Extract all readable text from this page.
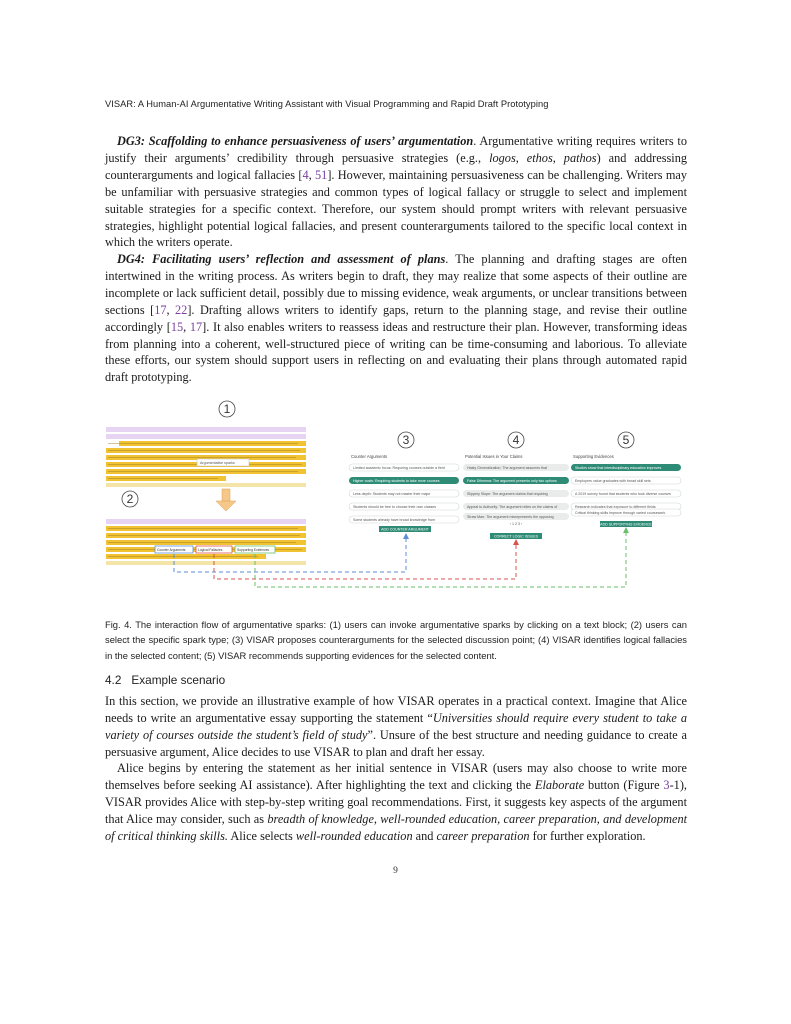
VISAR: A Human-AI Argumentative Writing Assistant with Visual Programming and Rapid Draft Prototyping

DG3: Scaffolding to enhance persuasiveness of users’ argumentation. Argumentative writing requires writers to justify their arguments’ credibility through persuasive strategies (e.g., logos, ethos, pathos) and addressing counterarguments and logical fallacies [4, 51]. However, maintaining persuasiveness can be challenging. Writers may be unfamiliar with persuasive strategies and common types of logical fallacy or struggle to select and implement suitable strategies for a specific context. Therefore, our system should prompt writers with relevant persuasive strategies, highlight potential logical fallacies, and present counterarguments tailored to the specific local context in which the writers operate.

DG4: Facilitating users’ reflection and assessment of plans. The planning and drafting stages are often intertwined in the writing process. As writers begin to draft, they may realize that some aspects of their outline are incomplete or lack sufficient detail, possibly due to missing evidence, weak arguments, or unclear transitions between sections [17, 22]. Drafting allows writers to identify gaps, return to the planning stage, and revise their outline accordingly [15, 17]. It also enables writers to reassess ideas and restructure their plan. However, transforming ideas from planning into a coherent, well-structured piece of writing can be time-consuming and laborious. To alleviate these efforts, our system should support users in reflecting on and evaluating their plans through automated rapid draft prototyping.

Argumentative sparks
1
2
Counter Arguments	Logical Fallacies	Supporting Evidences
3
Counter Arguments
Limited academic focus: Requiring courses outside a field
Higher costs: Requiring students to take more courses
Less depth: Students may not master their major
Students should be free to choose their own classes
Some students already have broad knowledge from
ADD COUNTER ARGUMENT
4
Potential Issues in Your Claims
Hasty Generalization: The argument assumes that
False Dilemma: The argument presents only two options
Slippery Slope: The argument claims that requiring
Appeal to Authority: The argument relies on the claims of
Straw Man: The argument misrepresents the opposing
‹ 1 2 3 ›
CORRECT LOGIC ISSUES
5
Supporting Evidences
Studies show that interdisciplinary education improves
Employers value graduates with broad skill sets
A 2019 survey found that students who took diverse courses
Research indicates that exposure to different fields
Critical thinking skills improve through varied coursework
ADD SUPPORTING EVIDENCE

Fig. 4. The interaction flow of argumentative sparks: (1) users can invoke argumentative sparks by clicking on a text block; (2) users can select the specific spark type; (3) VISAR proposes counterarguments for the selected discussion point; (4) VISAR identifies logical fallacies in the selected content; (5) VISAR recommends supporting evidences for the selected content.

4.2 Example scenario

In this section, we provide an illustrative example of how VISAR operates in a practical context. Imagine that Alice needs to write an argumentative essay supporting the statement “Universities should require every student to take a variety of courses outside the student’s field of study”. Unsure of the best structure and needing guidance to create a persuasive argument, Alice decides to use VISAR to plan and draft her essay.

Alice begins by entering the statement as her initial sentence in VISAR (users may also choose to write more themselves before seeking AI assistance). After highlighting the text and clicking the Elaborate button (Figure 3-1), VISAR provides Alice with step-by-step writing goal recommendations. First, it suggests key aspects of the argument that Alice may consider, such as breadth of knowledge, well-rounded education, career preparation, and development of critical thinking skills. Alice selects well-rounded education and career preparation for further exploration.

9
